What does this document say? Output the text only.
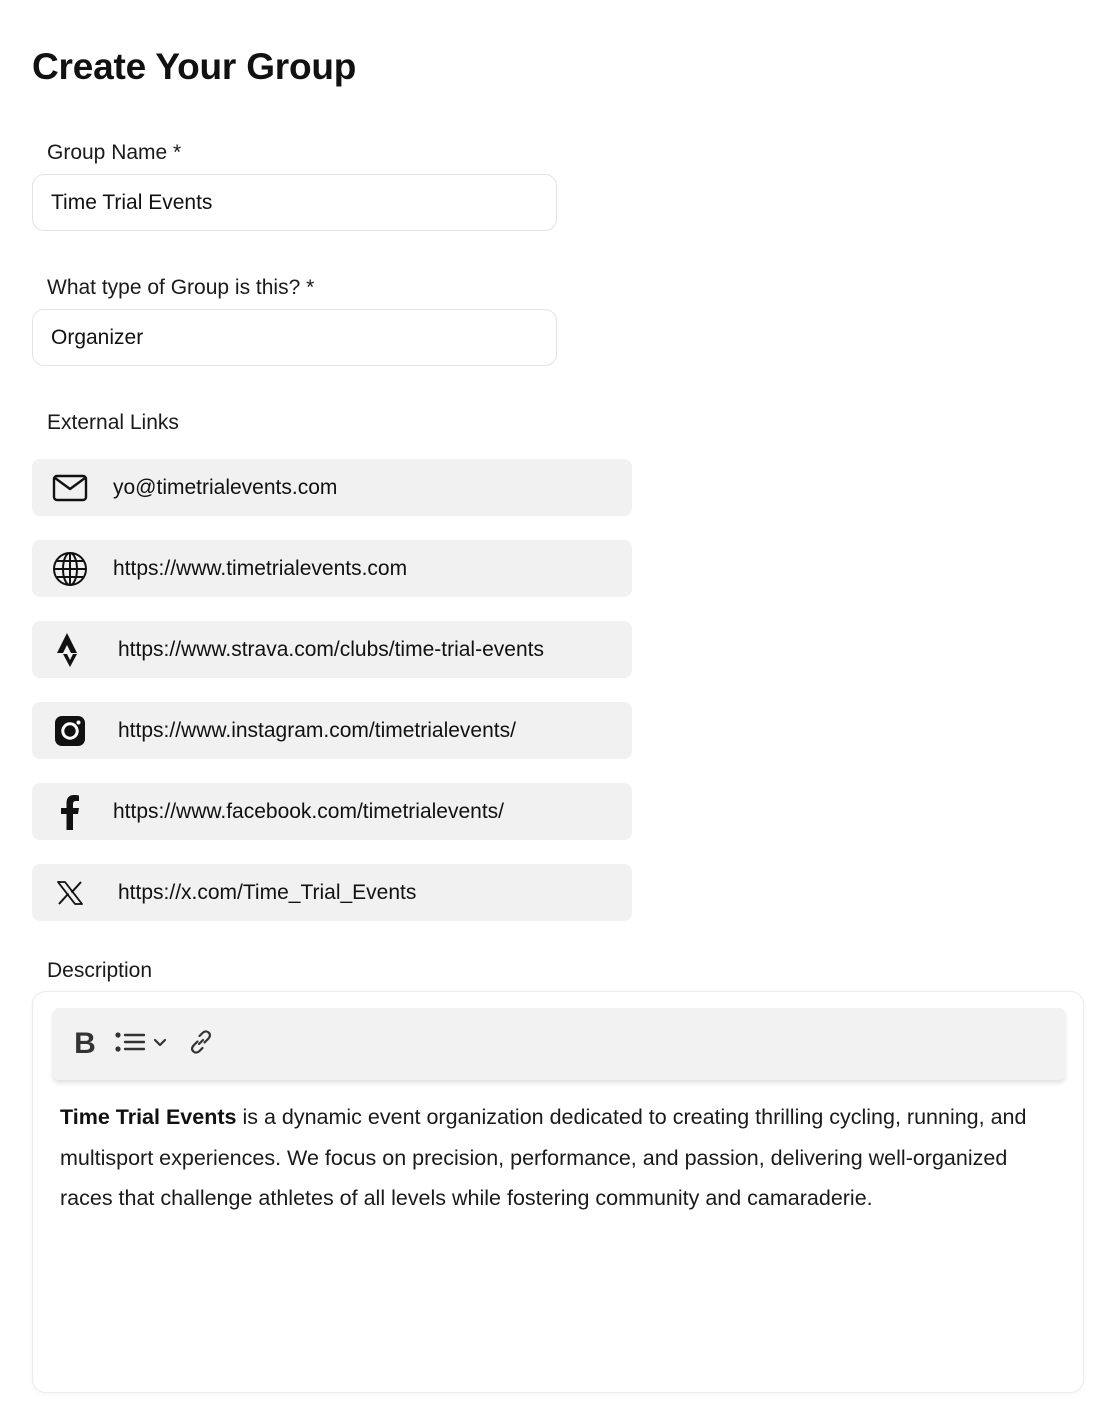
Create Your Group
Group Name *
Time Trial Events
What type of Group is this? *
Organizer
External Links
yo@timetrialevents.com
https://www.timetrialevents.com
https://www.strava.com/clubs/time-trial-events
https://www.instagram.com/timetrialevents/
https://www.facebook.com/timetrialevents/
https://x.com/Time_Trial_Events
Description
B
Time Trial Events is a dynamic event organization dedicated to creating thrilling cycling, running, and multisport experiences. We focus on precision, performance, and passion, delivering well-organized races that challenge athletes of all levels while fostering community and camaraderie.
